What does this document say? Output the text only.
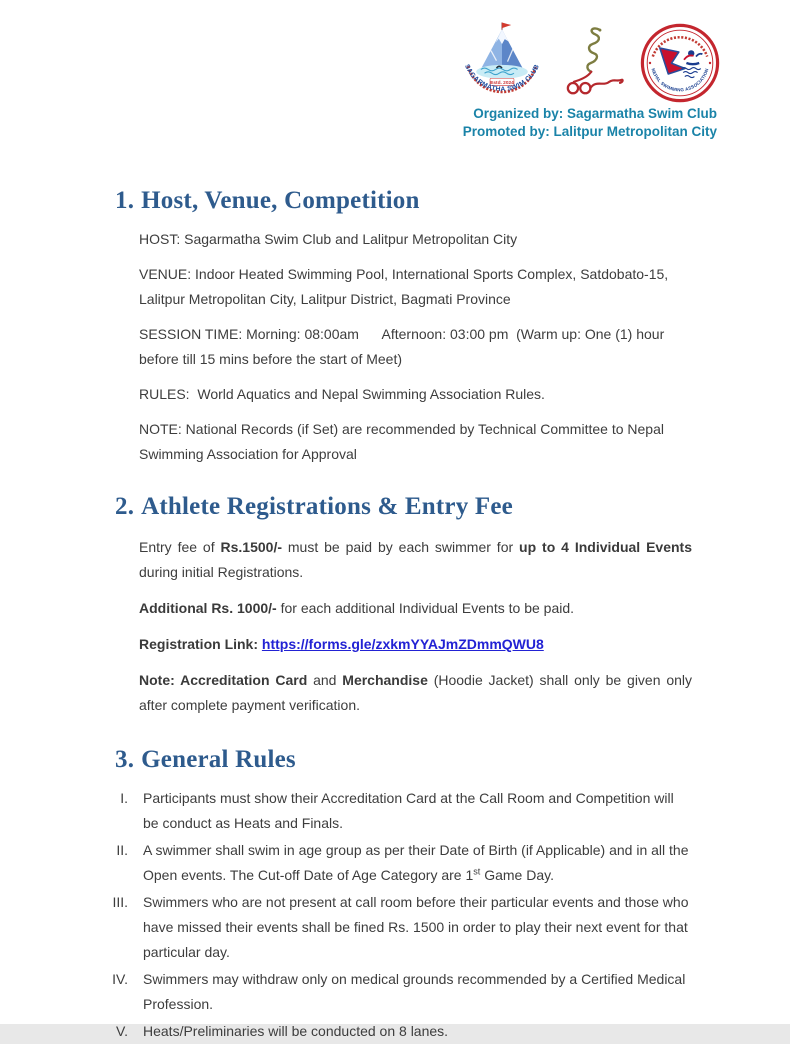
Estd. 2024
SAGARMATHA SWIM CLUB	NEPAL SWIMMING ASSOCIATION
Organized by: Sagarmatha Swim Club
Promoted by: Lalitpur Metropolitan City
1. Host, Venue, Competition

HOST: Sagarmatha Swim Club and Lalitpur Metropolitan City

VENUE: Indoor Heated Swimming Pool, International Sports Complex, Satdobato-15, Lalitpur Metropolitan City, Lalitpur District, Bagmati Province

SESSION TIME: Morning: 08:00am      Afternoon: 03:00 pm  (Warm up: One (1) hour before till 15 mins before the start of Meet)

RULES:  World Aquatics and Nepal Swimming Association Rules.

NOTE: National Records (if Set) are recommended by Technical Committee to Nepal Swimming Association for Approval

2. Athlete Registrations & Entry Fee

Entry fee of Rs.1500/- must be paid by each swimmer for up to 4 Individual Events during initial Registrations.

Additional Rs. 1000/- for each additional Individual Events to be paid.

Registration Link: https://forms.gle/zxkmYYAJmZDmmQWU8

Note: Accreditation Card and Merchandise (Hoodie Jacket) shall only be given only after complete payment verification.

3. General Rules
I. Participants must show their Accreditation Card at the Call Room and Competition will be conduct as Heats and Finals.
II. A swimmer shall swim in age group as per their Date of Birth (if Applicable) and in all the Open events. The Cut-off Date of Age Category are 1st Game Day.
III. Swimmers who are not present at call room before their particular events and those who have missed their events shall be fined Rs. 1500 in order to play their next event for that particular day.
IV. Swimmers may withdraw only on medical grounds recommended by a Certified Medical Profession.
V. Heats/Preliminaries will be conducted on 8 lanes.
